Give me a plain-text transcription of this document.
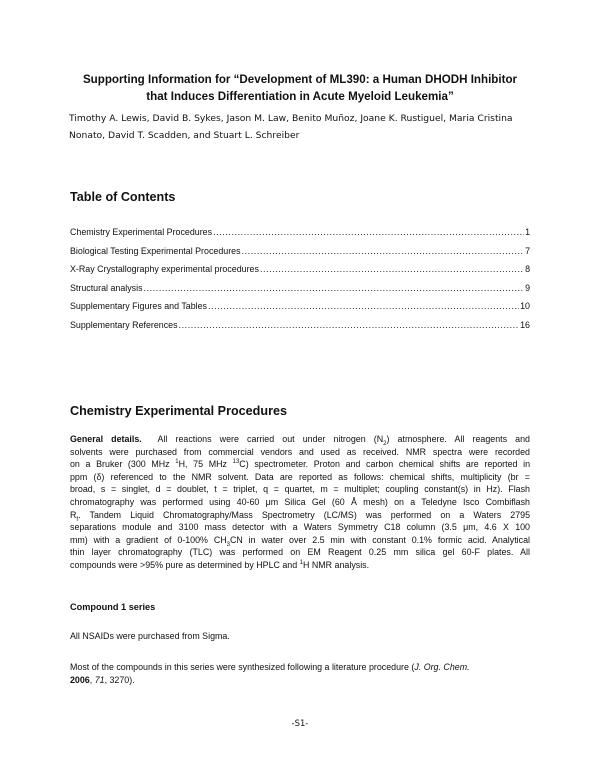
Supporting Information for “Development of ML390: a Human DHODH Inhibitor
that Induces Differentiation in Acute Myeloid Leukemia”
Timothy A. Lewis, David B. Sykes, Jason M. Law, Benito Muñoz, Joane K. Rustiguel, Maria Cristina
Nonato, David T. Scadden, and Stuart L. Schreiber
Table of Contents
Chemistry Experimental Procedures .....	1
Biological Testing Experimental Procedures .....	7
X-Ray Crystallography experimental procedures .....	8
Structural analysis .....	9
Supplementary Figures and Tables .....	10
Supplementary References .....	16
Chemistry Experimental Procedures
General details. All reactions were carried out under nitrogen $(N_2)$ atmosphere. All reagents and
solvents were purchased from commercial vendors and used as received. NMR spectra were recorded
on a Bruker (300 MHz $^1$H, 75 MHz $^{13}$C) spectrometer. Proton and carbon chemical shifts are reported in
ppm (δ) referenced to the NMR solvent. Data are reported as follows: chemical shifts, multiplicity (br =
broad, s = singlet, d = doublet, t = triplet, q = quartet, m = multiplet; coupling constant(s) in Hz). Flash
chromatography was performed using 40-60 μm Silica Gel (60 Å mesh) on a Teledyne Isco Combiflash
$R_f$. Tandem Liquid Chromatography/Mass Spectrometry (LC/MS) was performed on a Waters 2795
separations module and 3100 mass detector with a Waters Symmetry C18 column (3.5 μm, 4.6 X 100
mm) with a gradient of 0-100% $CH_3CN$ in water over 2.5 min with constant 0.1% formic acid. Analytical
thin layer chromatography (TLC) was performed on EM Reagent 0.25 mm silica gel 60-F plates. All
compounds were >95% pure as determined by HPLC and $^1$H NMR analysis.
Compound 1 series
All NSAIDs were purchased from Sigma.
Most of the compounds in this series were synthesized following a literature procedure (J. Org. Chem.
2006, 71, 3270).
-S1-
